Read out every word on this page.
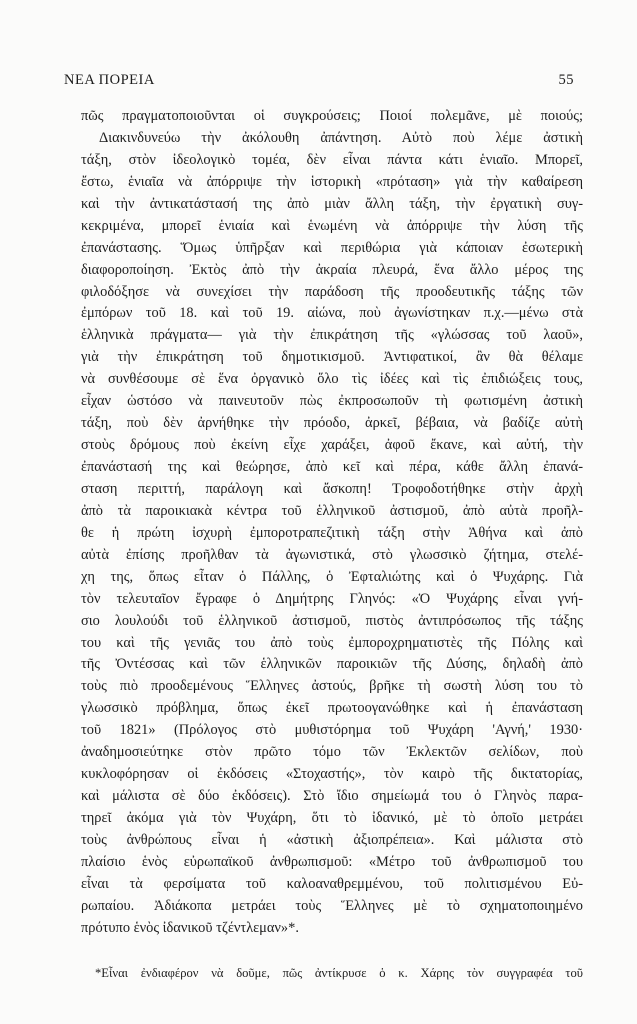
ΝΕΑ ΠΟΡΕΙΑ	55
πῶς πραγματοποιοῦνται οἱ συγκρούσεις; Ποιοί πολεμᾶνε, μὲ ποιούς;
Διακινδυνεύω τὴν ἀκόλουθη ἀπάντηση. Αὐτὸ ποὺ λέμε ἀστικὴ
τάξη, στὸν ἰδεολογικὸ τομέα, δὲν εἶναι πάντα κάτι ἑνιαῖο. Μπορεῖ,
ἔστω, ἑνιαῖα νὰ ἀπόρριψε τὴν ἱστορικὴ «πρόταση» γιὰ τὴν καθαίρεση
καὶ τὴν ἀντικατάστασή της ἀπὸ μιὰν ἄλλη τάξη, τὴν ἐργατικὴ συγ-
κεκριμένα, μπορεῖ ἑνιαία καὶ ἑνωμένη νὰ ἀπόρριψε τὴν λύση τῆς
ἐπανάστασης. Ὅμως ὑπῆρξαν καὶ περιθώρια γιὰ κάποιαν ἐσωτερικὴ
διαφοροποίηση. Ἐκτὸς ἀπὸ τὴν ἀκραία πλευρά, ἕνα ἄλλο μέρος της
φιλοδόξησε νὰ συνεχίσει τὴν παράδοση τῆς προοδευτικῆς τάξης τῶν
ἐμπόρων τοῦ 18. καὶ τοῦ 19. αἰώνα, ποὺ ἀγωνίστηκαν π.χ.—μένω στὰ
ἑλληνικὰ πράγματα— γιὰ τὴν ἐπικράτηση τῆς «γλώσσας τοῦ λαοῦ»,
γιὰ τὴν ἐπικράτηση τοῦ δημοτικισμοῦ. Ἀντιφατικοί, ἂν θὰ θέλαμε
νὰ συνθέσουμε σὲ ἕνα ὀργανικὸ ὅλο τὶς ἰδέες καὶ τὶς ἐπιδιώξεις τους,
εἶχαν ὡστόσο νὰ παινευτοῦν πὼς ἐκπροσωποῦν τὴ φωτισμένη ἀστικὴ
τάξη, ποὺ δὲν ἀρνήθηκε τὴν πρόοδο, ἀρκεῖ, βέβαια, νὰ βαδίζε αὐτὴ
στοὺς δρόμους ποὺ ἐκείνη εἶχε χαράξει, ἀφοῦ ἔκανε, καὶ αὐτή, τὴν
ἐπανάστασή της καὶ θεώρησε, ἀπὸ κεῖ καὶ πέρα, κάθε ἄλλη ἐπανά-
σταση περιττή, παράλογη καὶ ἄσκοπη! Τροφοδοτήθηκε στὴν ἀρχὴ
ἀπὸ τὰ παροικιακὰ κέντρα τοῦ ἑλληνικοῦ ἀστισμοῦ, ἀπὸ αὐτὰ προῆλ-
θε ἡ πρώτη ἰσχυρὴ ἐμποροτραπεζιτικὴ τάξη στὴν Ἀθήνα καὶ ἀπὸ
αὐτὰ ἐπίσης προῆλθαν τὰ ἀγωνιστικά, στὸ γλωσσικὸ ζήτημα, στελέ-
χη της, ὅπως εἶταν ὁ Πάλλης, ὁ Ἐφταλιώτης καὶ ὁ Ψυχάρης. Γιὰ
τὸν τελευταῖον ἔγραφε ὁ Δημήτρης Γληνός: «Ὁ Ψυχάρης εἶναι γνή-
σιο λουλούδι τοῦ ἑλληνικοῦ ἀστισμοῦ, πιστὸς ἀντιπρόσωπος τῆς τάξης
του καὶ τῆς γενιᾶς του ἀπὸ τοὺς ἐμπορoχρηματιστὲς τῆς Πόλης καὶ
τῆς Ὀντέσσας καὶ τῶν ἑλληνικῶν παροικιῶν τῆς Δύσης, δηλαδὴ ἀπὸ
τοὺς πιὸ προοδεμένους Ἕλληνες ἀστούς, βρῆκε τὴ σωστὴ λύση του τὸ
γλωσσικὸ πρόβλημα, ὅπως ἐκεῖ πρωτοογανώθηκε καὶ ἡ ἐπανάσταση
τοῦ 1821» (Πρόλογος στὸ μυθιστόρημα τοῦ Ψυχάρη 'Αγνή,' 1930·
ἀναδημοσιεύτηκε στὸν πρῶτο τόμο τῶν Ἐκλεκτῶν σελίδων, ποὺ
κυκλοφόρησαν οἱ ἐκδόσεις «Στοχαστής», τὸν καιρὸ τῆς δικτατορίας,
καὶ μάλιστα σὲ δύο ἐκδόσεις). Στὸ ἴδιο σημείωμά του ὁ Γληνὸς παρα-
τηρεῖ ἀκόμα γιὰ τὸν Ψυχάρη, ὅτι τὸ ἰδανικό, μὲ τὸ ὁποῖο μετράει
τοὺς ἀνθρώπους εἶναι ἡ «ἀστικὴ ἀξιοπρέπεια». Καὶ μάλιστα στὸ
πλαίσιο ἑνὸς εὐρωπαϊκοῦ ἀνθρωπισμοῦ: «Μέτρο τοῦ ἀνθρωπισμοῦ του
εἶναι τὰ φερσίματα τοῦ καλοαναθρεμμένου, τοῦ πολιτισμένου Εὐ-
ρωπαίου. Ἀδιάκοπα μετράει τοὺς Ἕλληνες μὲ τὸ σχηματοποιημένο
πρότυπο ἑνὸς ἰδανικοῦ τζέντλεμαν»*.
*Εἶναι ἐνδιαφέρον νὰ δοῦμε, πῶς ἀντίκρυσε ὁ κ. Χάρης τὸν συγγραφέα τοῦ
